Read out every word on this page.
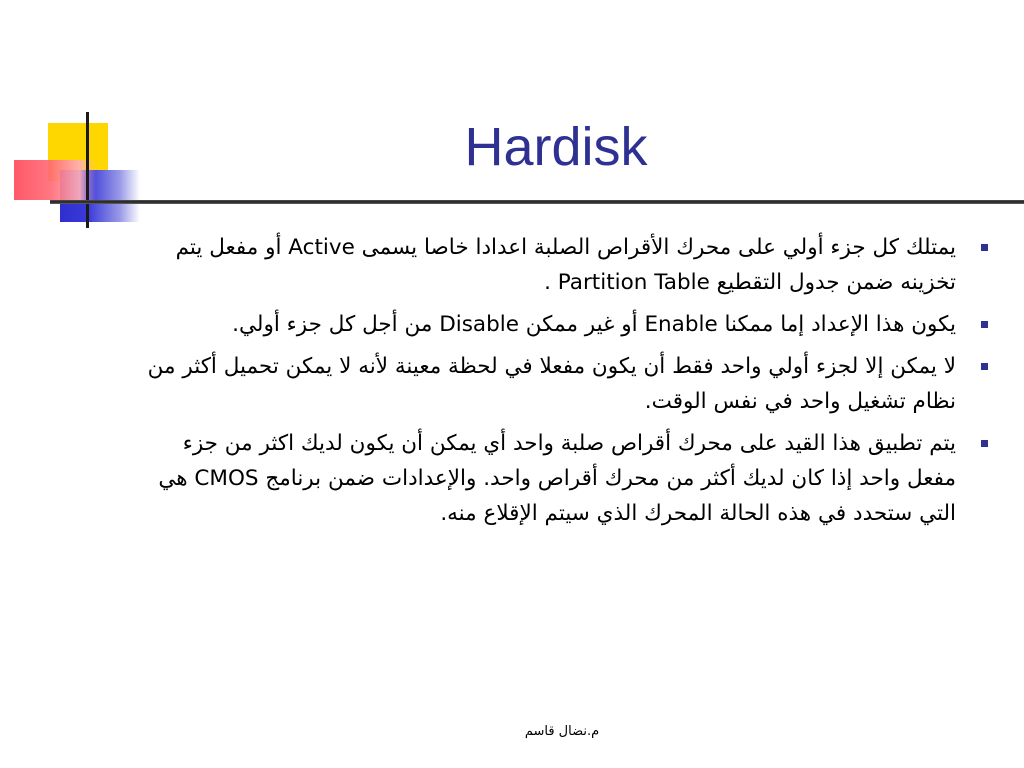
Hardisk
يمتلك كل جزء أولي على محرك الأقراص الصلبة اعدادا خاصا يسمى Active أو مفعل يتم تخزينه ضمن جدول التقطيع Partition Table .
يكون هذا الإعداد إما ممكنا Enable أو غير ممكن Disable من أجل كل جزء أولي.
لا يمكن إلا لجزء أولي واحد فقط أن يكون مفعلا في لحظة معينة لأنه لا يمكن تحميل أكثر من نظام تشغيل واحد في نفس الوقت.
يتم تطبيق هذا القيد على محرك أقراص صلبة واحد أي يمكن أن يكون لديك اكثر من جزء مفعل واحد إذا كان لديك أكثر من محرك أقراص واحد. والإعدادات ضمن برنامج CMOS هي التي ستحدد في هذه الحالة المحرك الذي سيتم الإقلاع منه.
م.نضال قاسم
